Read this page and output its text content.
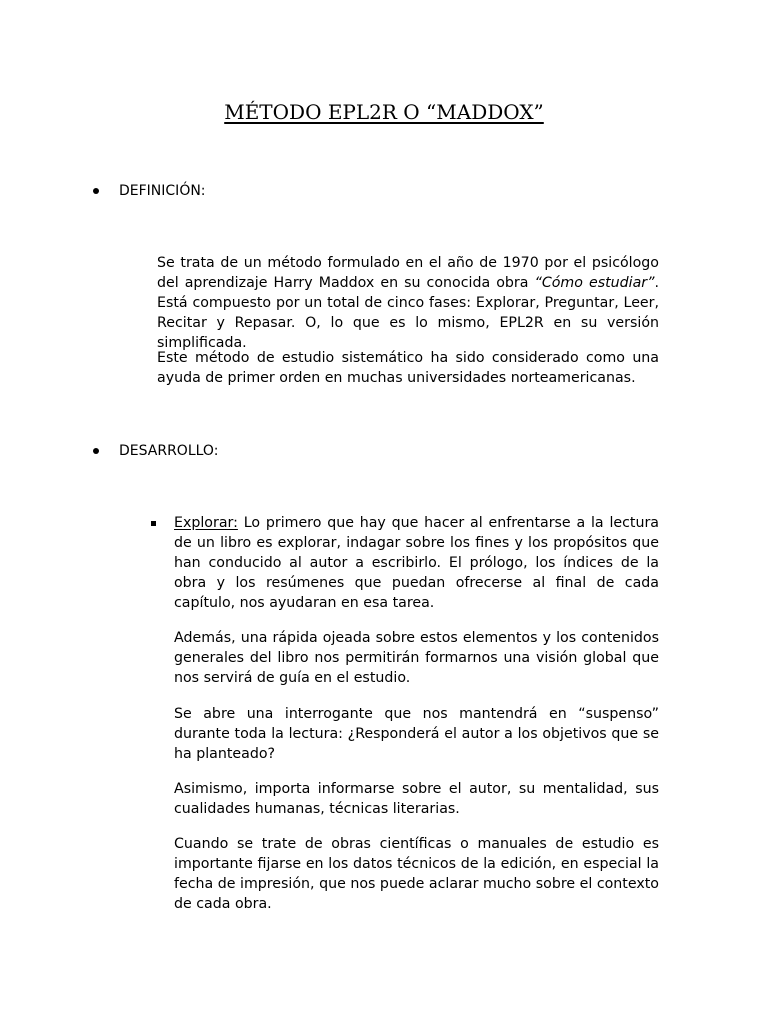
MÉTODO EPL2R O “MADDOX”
DEFINICIÓN:

Se trata de un método formulado en el año de 1970 por el psicólogo del aprendizaje Harry Maddox en su conocida obra “Cómo estudiar”. Está compuesto por un total de cinco fases: Explorar, Preguntar, Leer, Recitar y Repasar. O, lo que es lo mismo, EPL2R en su versión simplificada.

Este método de estudio sistemático ha sido considerado como una ayuda de primer orden en muchas universidades norteamericanas.

DESARROLLO:

Explorar: Lo primero que hay que hacer al enfrentarse a la lectura de un libro es explorar, indagar sobre los fines y los propósitos que han conducido al autor a escribirlo. El prólogo, los índices de la obra y los resúmenes que puedan ofrecerse al final de cada capítulo, nos ayudaran en esa tarea.

Además, una rápida ojeada sobre estos elementos y los contenidos generales del libro nos permitirán formarnos una visión global que nos servirá de guía en el estudio.

Se abre una interrogante que nos mantendrá en “suspenso” durante toda la lectura: ¿Responderá el autor a los objetivos que se ha planteado?

Asimismo, importa informarse sobre el autor, su mentalidad, sus cualidades humanas, técnicas literarias.

Cuando se trate de obras científicas o manuales de estudio es importante fijarse en los datos técnicos de la edición, en especial la fecha de impresión, que nos puede aclarar mucho sobre el contexto de cada obra.
